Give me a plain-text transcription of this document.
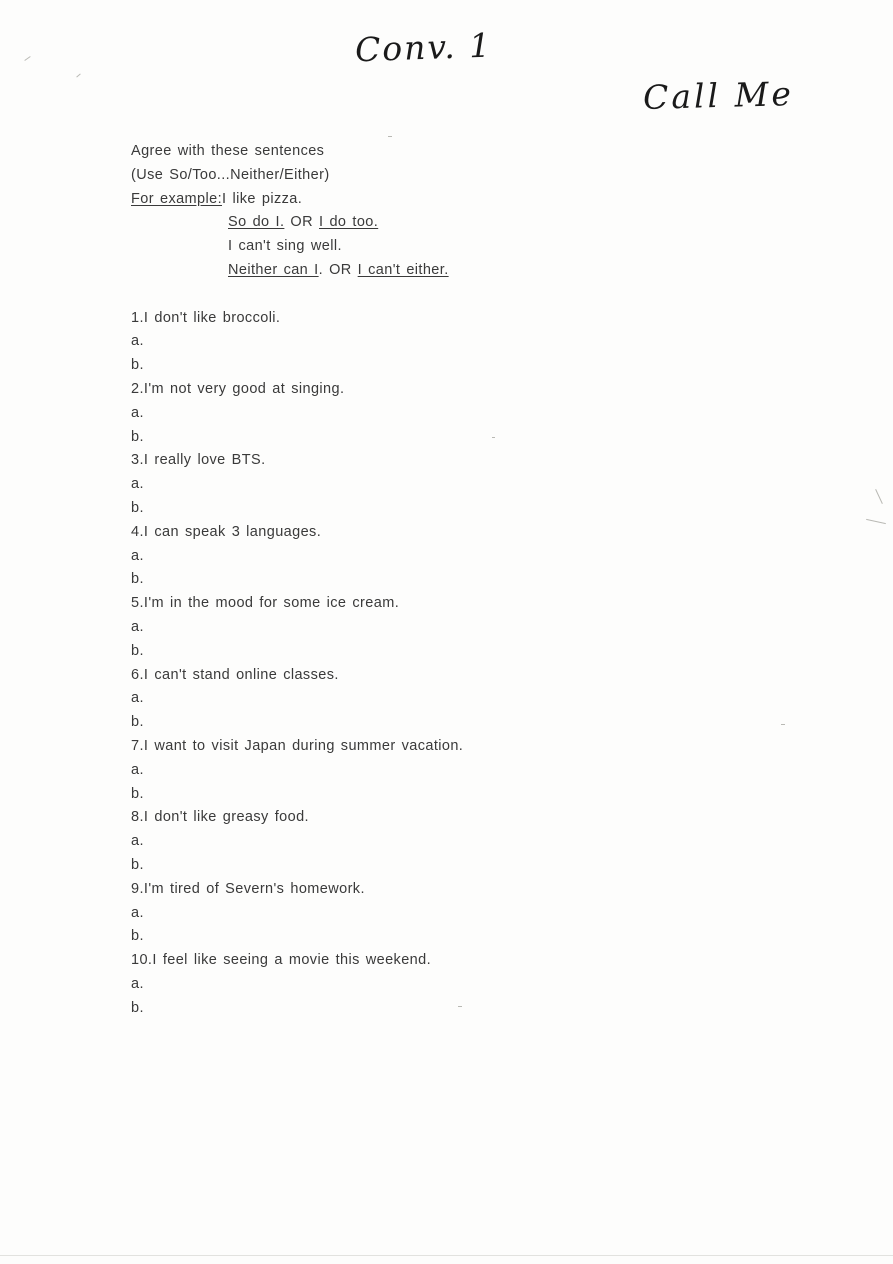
Conv. 1
Call Me
Agree with these sentences
(Use So/Too...Neither/Either)
For example:I like pizza.
So do I. OR I do too.
I can't sing well.
Neither can I. OR I can't either.
1.I don't like broccoli.
a.
b.
2.I'm not very good at singing.
a.
b.
3.I really love BTS.
a.
b.
4.I can speak 3 languages.
a.
b.
5.I'm in the mood for some ice cream.
a.
b.
6.I can't stand online classes.
a.
b.
7.I want to visit Japan during summer vacation.
a.
b.
8.I don't like greasy food.
a.
b.
9.I'm tired of Severn's homework.
a.
b.
10.I feel like seeing a movie this weekend.
a.
b.
